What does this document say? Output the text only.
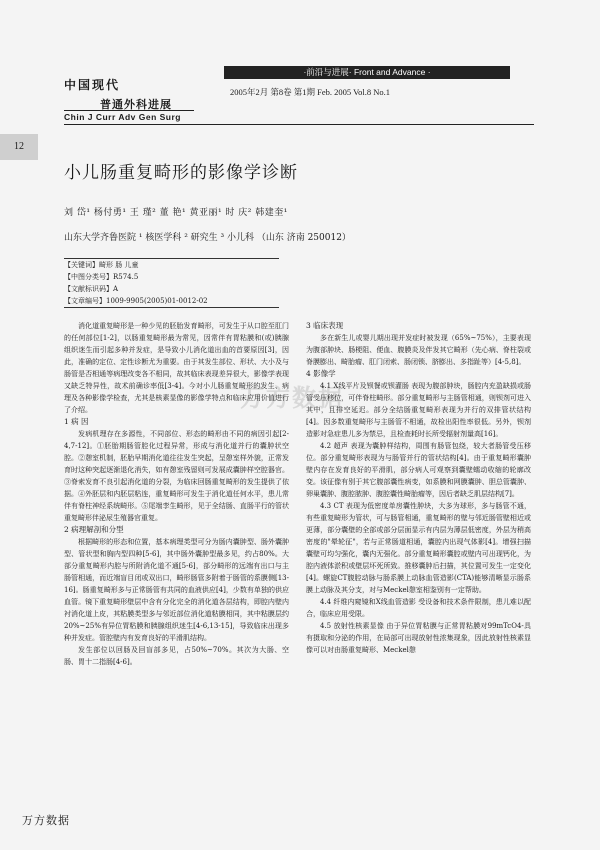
中国现代
普通外科进展
Chin J Curr Adv Gen Surg
·前沿与进展· Front and Advance ·
2005年2月 第8卷 第1期 Feb. 2005 Vol.8 No.1
12
小儿肠重复畸形的影像学诊断
刘 岱¹ 杨付勇¹ 王 瑾² 董 艳¹ 黄亚丽¹ 时 庆² 韩建奎¹
山东大学齐鲁医院 ¹ 核医学科 ² 研究生 ³ 小儿科 （山东 济南 250012）
【关键词】畸形 肠 儿童
【中图分类号】R574.5
【文献标识码】A
【文章编号】1009-9905(2005)01-0012-02
万方数据

消化道重复畸形是一种少见的胚胎发育畸形，可发生于从口腔至肛门的任何部位[1-2]，以肠重复畸形最为常见，因常伴有胃粘膜和(或)胰腺组织迷生而引起多种并发症，是导致小儿消化道出血的首要原因[3]，因此，准确的定位、定性诊断尤为重要。由于其发生部位、形状、大小及与肠管是否相通等病理改变各不相同，故其临床表现差异很大，影像学表现又缺乏特异性，故术前确诊率低[3-4]。今对小儿肠重复畸形的发生、病理及各种影像学检查，尤其是核素显像的影像学特点和临床应用价值进行了介绍。

1 病 因

发病机理存在多源性，不同部位、形态的畸形由不同的病因引起[2-4,7-12]。①胚胎期肠管腔化过程异常，形成与消化道并行的囊肿状空腔。②憩室机制，胚胎早期消化道往往发生突起，呈憩室样外貌，正常发育时这种突起逐渐退化消失，如有憩室残留则可发展成囊肿样空腔器官。③脊索发育不良引起消化道的分裂，为临床回肠重复畸形的发生提供了依据。④外胚层和内胚层粘连，重复畸形可发生于消化道任何水平，患儿常伴有脊柱神经系统畸形。⑤尾端孪生畸形，见于全结肠、直肠平行的管状重复畸形伴泌尿生殖器官重复。

2 病理解剖和分型

根据畸形的形态和位置，基本病理类型可分为肠内囊肿型、肠外囊肿型、管状型和胸内型四种[5-6]，其中肠外囊肿型最多见，约占80%。大部分重复畸形内腔与所附消化道不通[5-6]，部分畸形的远端有出口与主肠管相通，而近端盲目闭或双出口，畸形肠管多附着于肠管的系膜侧[13-16]。肠重复畸形多与正常肠管有共同的血液供应[4]，少数有单独的供应血管。镜下重复畸形壁层中含有分化完全的消化道各层结构，即腔内壁内衬消化道上皮，其粘膜类型多与邻近部位消化道粘膜相同，其中粘膜层约20%~25%有异位胃粘膜和胰腺组织迷生[4-6,13-15]，导致临床出现多种并发症。管腔壁内有发育良好的平滑肌结构。

发生部位以回肠及回盲部多见，占50%~70%。其次为大肠、空肠、胃十二指肠[4-6]。

3 临床表现

多在新生儿或婴儿期出现并发症时被发现（65%~75%），主要表现为腹部肿块、肠梗阻、便血、腹膜炎及伴发其它畸形（先心病、脊柱裂或脊膜膨出、畸胎瘤、肛门闭索、肠闭锁、脐膨出、多指趾等）[4-5,8]。

4 影像学

4.1 X线平片及钡餐或钡灌肠 表现为腹部肿块，肠腔内充盈缺损或肠管受压移位，可伴脊柱畸形。部分重复畸形与主肠管相通，则钡剂可进入其中，且排空延迟。部分全结肠重复畸形表现为并行的双排管状结构[4]。因多数重复畸形与主肠管不相通，故检出阳性率很低。另外，钡剂造影对急症患儿多为禁忌，且检查耗时长所受辐射剂量高[16]。

4.2 超声 表现为囊肿样结构，周围有肠管包绕，较大者肠管受压移位。部分重复畸形表现为与肠管并行的管状结构[4]。由于重复畸形囊肿壁内存在发育良好的平滑肌，部分病人可观察到囊壁蠕动收缩的轮廓改变。该征像有别于其它腹部囊性病变，如系膜和网膜囊肿、胆总管囊肿、卵巢囊肿、腹腔脓肿、腹腔囊性畸胎瘤等，因后者缺乏肌层结构[7]。

4.3 CT 表现为低密度单房囊性肿块，大多为球形，多与肠管不通，有些重复畸形为管状，可与肠管相通，重复畸形的壁与邻近肠管壁相近或更薄，部分囊壁的全部或部分层面显示有内层为薄层低密度，外层为稍高密度的"晕轮征"，若与正常肠道相通，囊腔内出现气体影[4]。增强扫描囊壁可均匀强化，囊内无强化。部分重复畸形囊腔或壁内可出现钙化，为腔内液体淤积或壁层坏死所致。推移囊肿后扫描，其位置可发生一定变化[4]。螺旋CT腹腔动脉与肠系膜上动脉血管造影(CTA)能够清晰显示肠系膜上动脉及其分支，对与Meckel憩室相鉴别有一定帮助。

4.4 纤维内窥镜和X线血管造影 受设备和技术条件限制，患儿难以配合，临床应用受限。

4.5 放射性核素显像 由于异位胃粘膜与正常胃粘膜对99mTcO4-具有摄取和分泌的作用，在局部可出现放射性浓集现象，因此放射性核素显像可以对由肠重复畸形、Meckel憩

万方数据
